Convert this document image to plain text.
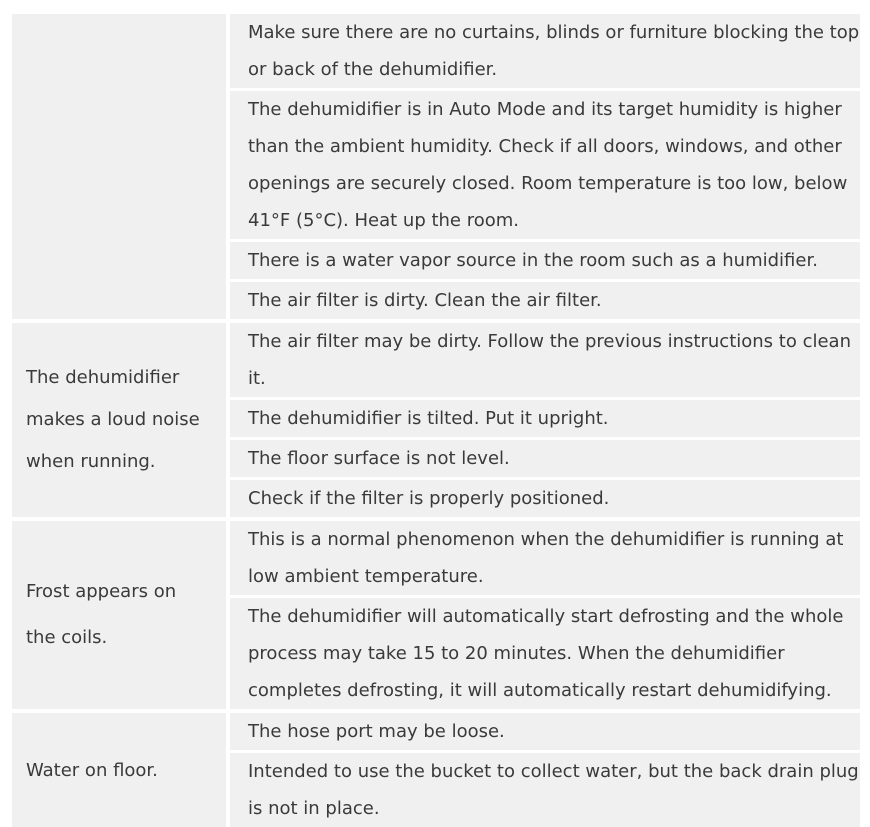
Make sure there are no curtains, blinds or furniture blocking the top
or back of the dehumidifier.
The dehumidifier is in Auto Mode and its target humidity is higher
than the ambient humidity. Check if all doors, windows, and other
openings are securely closed. Room temperature is too low, below
41°F (5°C). Heat up the room.
There is a water vapor source in the room such as a humidifier.
The air filter is dirty. Clean the air filter.
The dehumidifier
makes a loud noise
when running.
The air filter may be dirty. Follow the previous instructions to clean it.
The dehumidifier is tilted. Put it upright.
The floor surface is not level.
Check if the filter is properly positioned.
Frost appears on
the coils.
This is a normal phenomenon when the dehumidifier is running at
low ambient temperature.
The dehumidifier will automatically start defrosting and the whole
process may take 15 to 20 minutes. When the dehumidifier
completes defrosting, it will automatically restart dehumidifying.
Water on floor.
The hose port may be loose.
Intended to use the bucket to collect water, but the back drain plug
is not in place.
